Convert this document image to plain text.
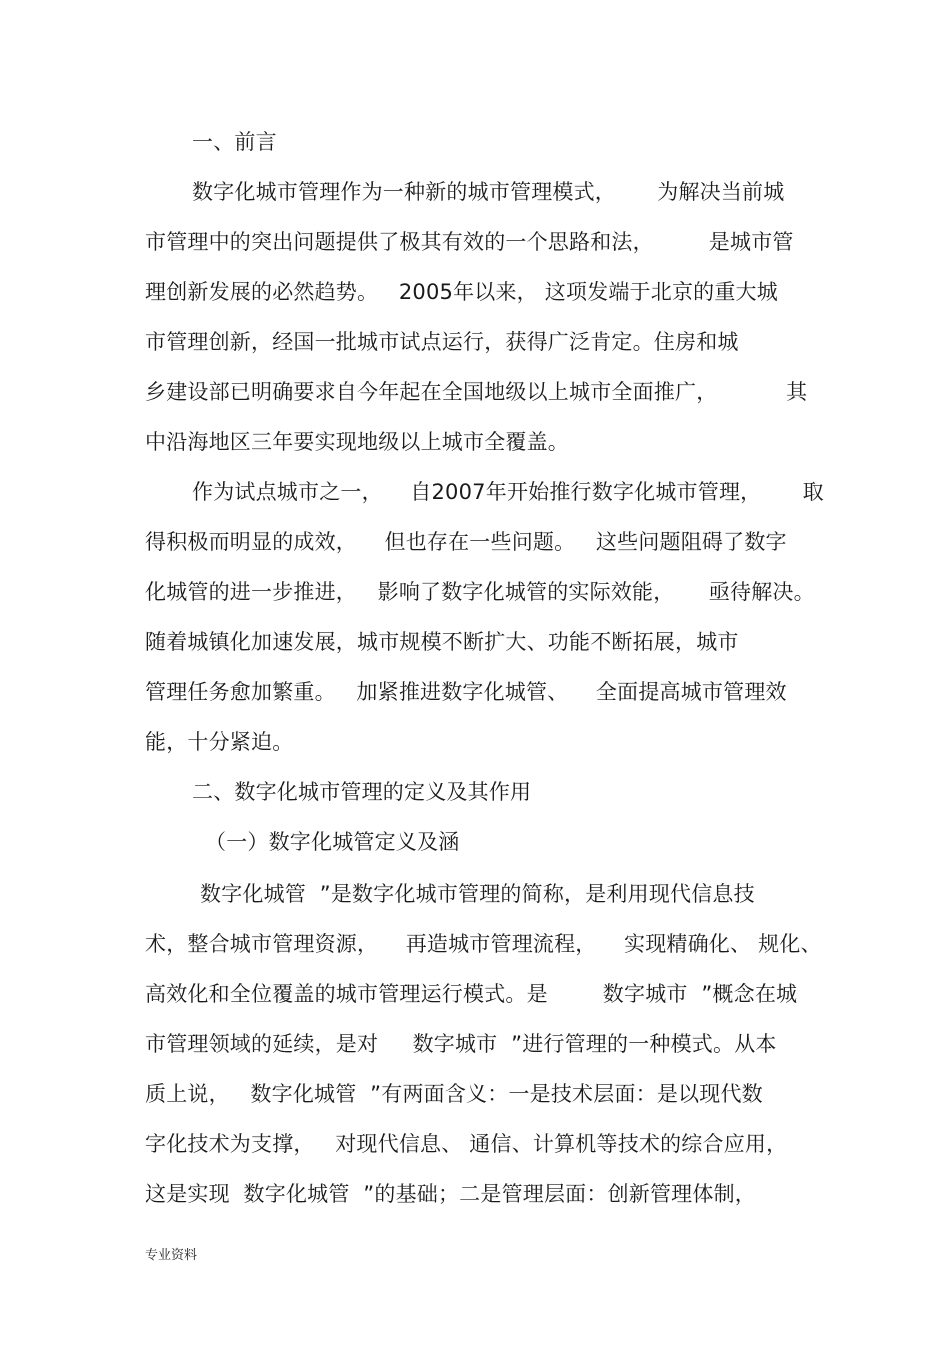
一、前言
数字化城市管理作为一种新的城市管理模式，      为解决当前城
市管理中的突出问题提供了极其有效的一个思路和法，        是城市管
理创新发展的必然趋势。   2005年以来， 这项发端于北京的重大城
市管理创新，经国一批城市试点运行，获得广泛肯定。住房和城
乡建设部已明确要求自今年起在全国地级以上城市全面推广，          其
中沿海地区三年要实现地级以上城市全覆盖。
作为试点城市之一，    自2007年开始推行数字化城市管理，      取
得积极而明显的成效，    但也存在一些问题。   这些问题阻碍了数字
化城管的进一步推进，   影响了数字化城管的实际效能，     亟待解决。
随着城镇化加速发展，城市规模不断扩大、功能不断拓展，城市
管理任务愈加繁重。   加紧推进数字化城管、    全面提高城市管理效
能，十分紧迫。
二、数字化城市管理的定义及其作用
（一）数字化城管定义及涵
数字化城管  ”是数字化城市管理的简称，是利用现代信息技
术，整合城市管理资源，    再造城市管理流程，    实现精确化、 规化、
高效化和全位覆盖的城市管理运行模式。是        数字城市  ”概念在城
市管理领域的延续，是对     数字城市  ”进行管理的一种模式。从本
质上说，   数字化城管  ”有两面含义：一是技术层面：是以现代数
字化技术为支撑，   对现代信息、 通信、计算机等技术的综合应用，
这是实现  数字化城管  ”的基础；二是管理层面：创新管理体制，
专业资料
